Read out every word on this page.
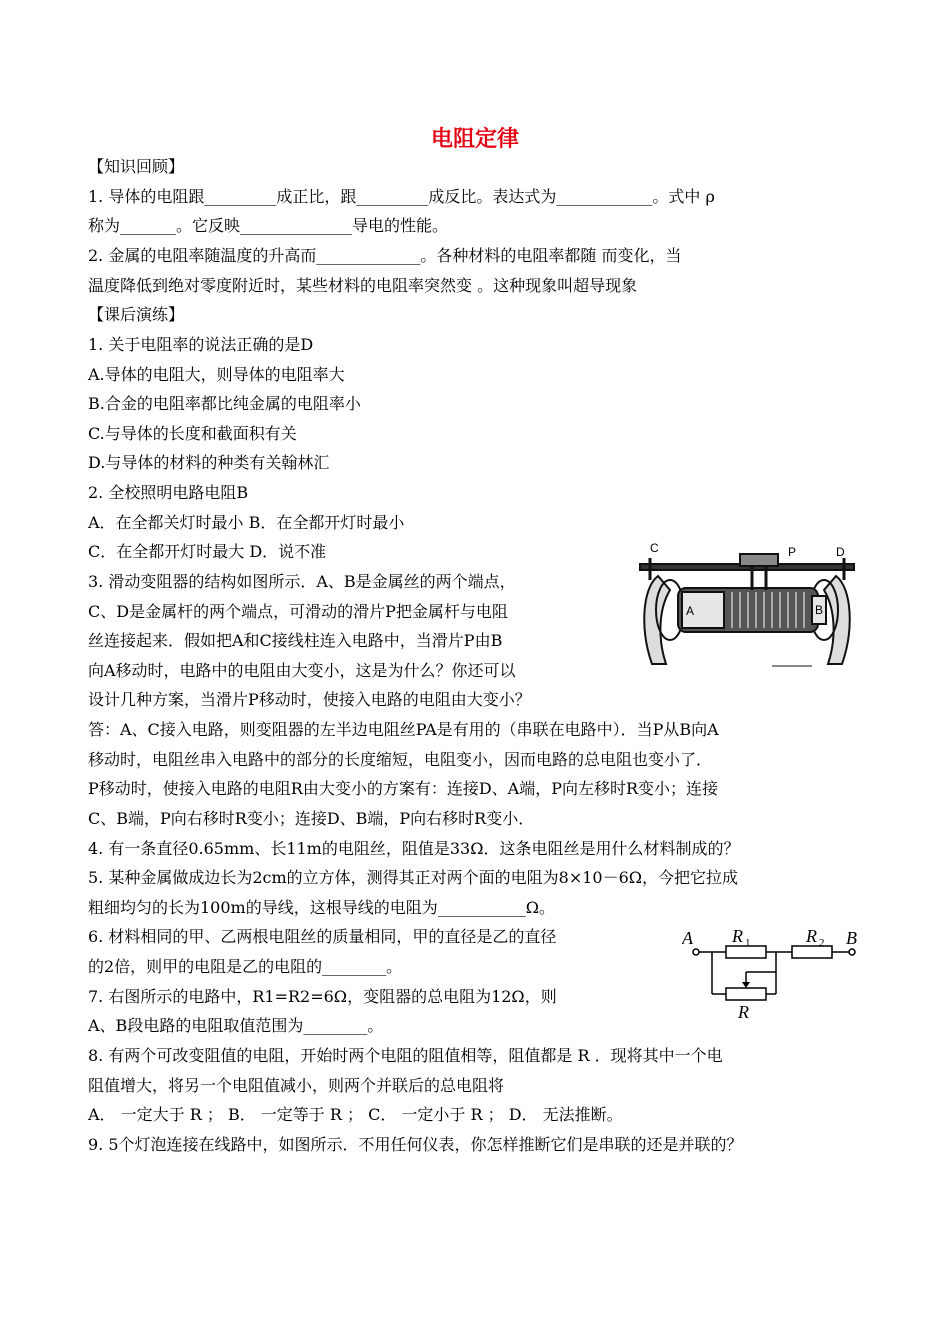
电阻定律
【知识回顾】
1. 导体的电阻跟_________成正比，跟_________成反比。表达式为____________。式中 ρ
称为_______。它反映______________导电的性能。
2. 金属的电阻率随温度的升高而_____________。各种材料的电阻率都随 而变化，当
温度降低到绝对零度附近时，某些材料的电阻率突然变 。这种现象叫超导现象
【课后演练】
1. 关于电阻率的说法正确的是D
A.导体的电阻大，则导体的电阻率大
B.合金的电阻率都比纯金属的电阻率小
C.与导体的长度和截面积有关
D.与导体的材料的种类有关翰林汇
2. 全校照明电路电阻B
A．在全都关灯时最小 B．在全都开灯时最小
C．在全都开灯时最大 D．说不准
3. 滑动变阻器的结构如图所示．A、B是金属丝的两个端点，
C、D是金属杆的两个端点，可滑动的滑片P把金属杆与电阻
丝连接起来．假如把A和C接线柱连入电路中，当滑片P由B
向A移动时，电路中的电阻由大变小，这是为什么？你还可以
设计几种方案，当滑片P移动时，使接入电路的电阻由大变小？
答：A、C接入电路，则变阻器的左半边电阻丝PA是有用的（串联在电路中）．当P从B向A
移动时，电阻丝串入电路中的部分的长度缩短，电阻变小，因而电路的总电阻也变小了．
P移动时，使接入电路的电阻R由大变小的方案有：连接D、A端，P向左移时R变小；连接
C、B端，P向右移时R变小；连接D、B端，P向右移时R变小．
4. 有一条直径0.65mm、长11m的电阻丝，阻值是33Ω．这条电阻丝是用什么材料制成的？
5. 某种金属做成边长为2cm的立方体，测得其正对两个面的电阻为8×10－6Ω，今把它拉成
粗细均匀的长为100m的导线，这根导线的电阻为___________Ω。
6. 材料相同的甲、乙两根电阻丝的质量相同，甲的直径是乙的直径
的2倍，则甲的电阻是乙的电阻的________。
7. 右图所示的电路中，R1=R2=6Ω，变阻器的总电阻为12Ω，则
A、B段电路的电阻取值范围为________。
8. 有两个可改变阻值的电阻，开始时两个电阻的阻值相等，阻值都是 R ．现将其中一个电
阻值增大，将另一个电阻值减小，则两个并联后的总电阻将
A． 一定大于 R ； B． 一定等于 R ； C． 一定小于 R ； D． 无法推断。
9. 5个灯泡连接在线路中，如图所示．不用任何仪表，你怎样推断它们是串联的还是并联的？
C	P	D
A	B
A R 1	R 2 B
R
